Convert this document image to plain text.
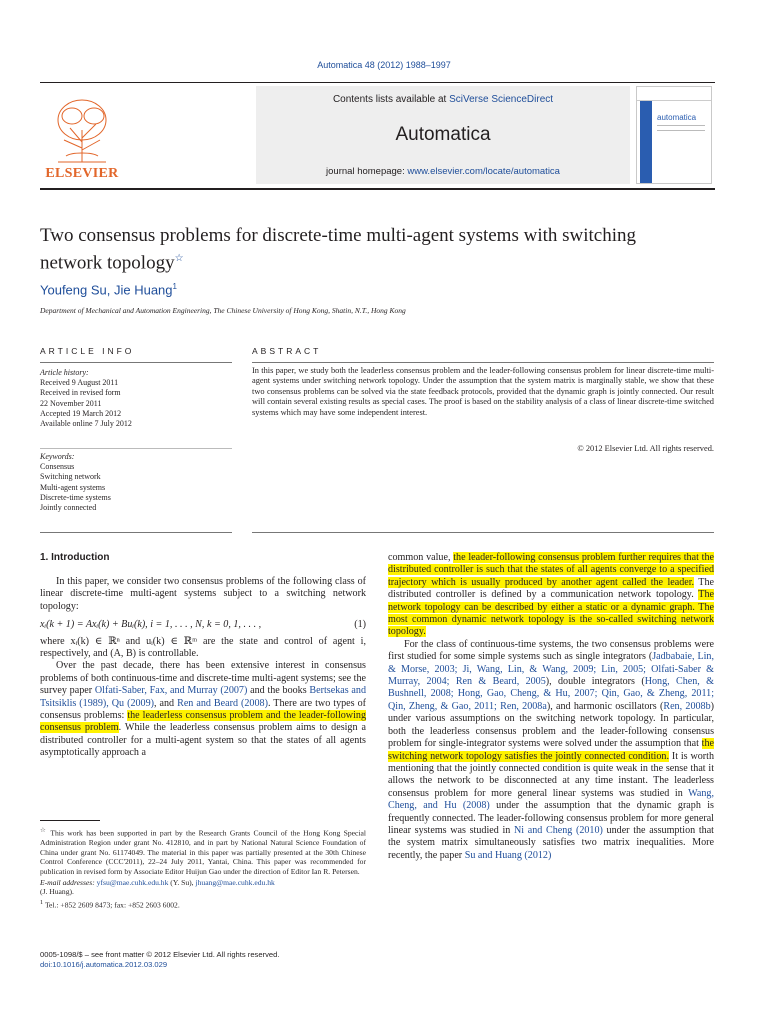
Automatica 48 (2012) 1988–1997
ELSEVIER
Contents lists available at SciVerse ScienceDirect
Automatica
journal homepage: www.elsevier.com/locate/automatica
automatica
Two consensus problems for discrete-time multi-agent systems with switching network topology☆
Youfeng Su, Jie Huang$^1$
Department of Mechanical and Automation Engineering, The Chinese University of Hong Kong, Shatin, N.T., Hong Kong
ARTICLE INFO	ABSTRACT
Article history:
Received 9 August 2011
Received in revised form
22 November 2011
Accepted 19 March 2012
Available online 7 July 2012
Keywords:
Consensus
Switching network
Multi-agent systems
Discrete-time systems
Jointly connected
In this paper, we study both the leaderless consensus problem and the leader-following consensus problem for linear discrete-time multi-agent systems under switching network topology. Under the assumption that the system matrix is marginally stable, we show that these two consensus problems can be solved via the state feedback protocols, provided that the dynamic graph is jointly connected. Our result will contain several existing results as special cases. The proof is based on the stability analysis of a class of linear discrete-time switched systems which may have some independent interest.
© 2012 Elsevier Ltd. All rights reserved.
1. Introduction

In this paper, we consider two consensus problems of the following class of linear discrete-time multi-agent systems subject to a switching network topology:

xᵢ(k + 1) = Axᵢ(k) + Buᵢ(k), i = 1, . . . , N, k = 0, 1, . . . ,	(1)

where xᵢ(k) ∈ ℝⁿ and uᵢ(k) ∈ ℝᵐ are the state and control of agent i, respectively, and (A, B) is controllable.

Over the past decade, there has been extensive interest in consensus problems of both continuous-time and discrete-time multi-agent systems; see the survey paper Olfati-Saber, Fax, and Murray (2007) and the books Bertsekas and Tsitsiklis (1989), Qu (2009), and Ren and Beard (2008). There are two types of consensus problems: the leaderless consensus problem and the leader-following consensus problem. While the leaderless consensus problem aims to design a distributed controller for a multi-agent system so that the states of all agents asymptotically approach a

☆ This work has been supported in part by the Research Grants Council of the Hong Kong Special Administration Region under grant No. 412810, and in part by National Natural Science Foundation of China under grant No. 61174049. The material in this paper was partially presented at the 30th Chinese Control Conference (CCC'2011), 22–24 July 2011, Yantai, China. This paper was recommended for publication in revised form by Associate Editor Huijun Gao under the direction of Editor Ian R. Petersen.

E-mail addresses: yfsu@mae.cuhk.edu.hk (Y. Su), jhuang@mae.cuhk.edu.hk
(J. Huang).

$^1$ Tel.: +852 2609 8473; fax: +852 2603 6002.

0005-1098/$ – see front matter © 2012 Elsevier Ltd. All rights reserved.
doi:10.1016/j.automatica.2012.03.029

common value, the leader-following consensus problem further requires that the distributed controller is such that the states of all agents converge to a specified trajectory which is usually produced by another agent called the leader. The distributed controller is defined by a communication network topology. The network topology can be described by either a static or a dynamic graph. The most common dynamic network topology is the so-called switching network topology.

For the class of continuous-time systems, the two consensus problems were first studied for some simple systems such as single integrators (Jadbabaie, Lin, & Morse, 2003; Ji, Wang, Lin, & Wang, 2009; Lin, 2005; Olfati-Saber & Murray, 2004; Ren & Beard, 2005), double integrators (Hong, Chen, & Bushnell, 2008; Hong, Gao, Cheng, & Hu, 2007; Qin, Gao, & Zheng, 2011; Qin, Zheng, & Gao, 2011; Ren, 2008a), and harmonic oscillators (Ren, 2008b) under various assumptions on the switching network topology. In particular, both the leaderless consensus problem and the leader-following consensus problem for single-integrator systems were solved under the assumption that the switching network topology satisfies the jointly connected condition. It is worth mentioning that the jointly connected condition is quite weak in the sense that it allows the network to be disconnected at any time instant. The leaderless consensus problem for more general linear systems was studied in Wang, Cheng, and Hu (2008) under the assumption that the dynamic graph is frequently connected. The leader-following consensus problem for more general linear systems was studied in Ni and Cheng (2010) under the assumption that the system matrix simultaneously satisfies two matrix inequalities. More recently, the paper Su and Huang (2012)
